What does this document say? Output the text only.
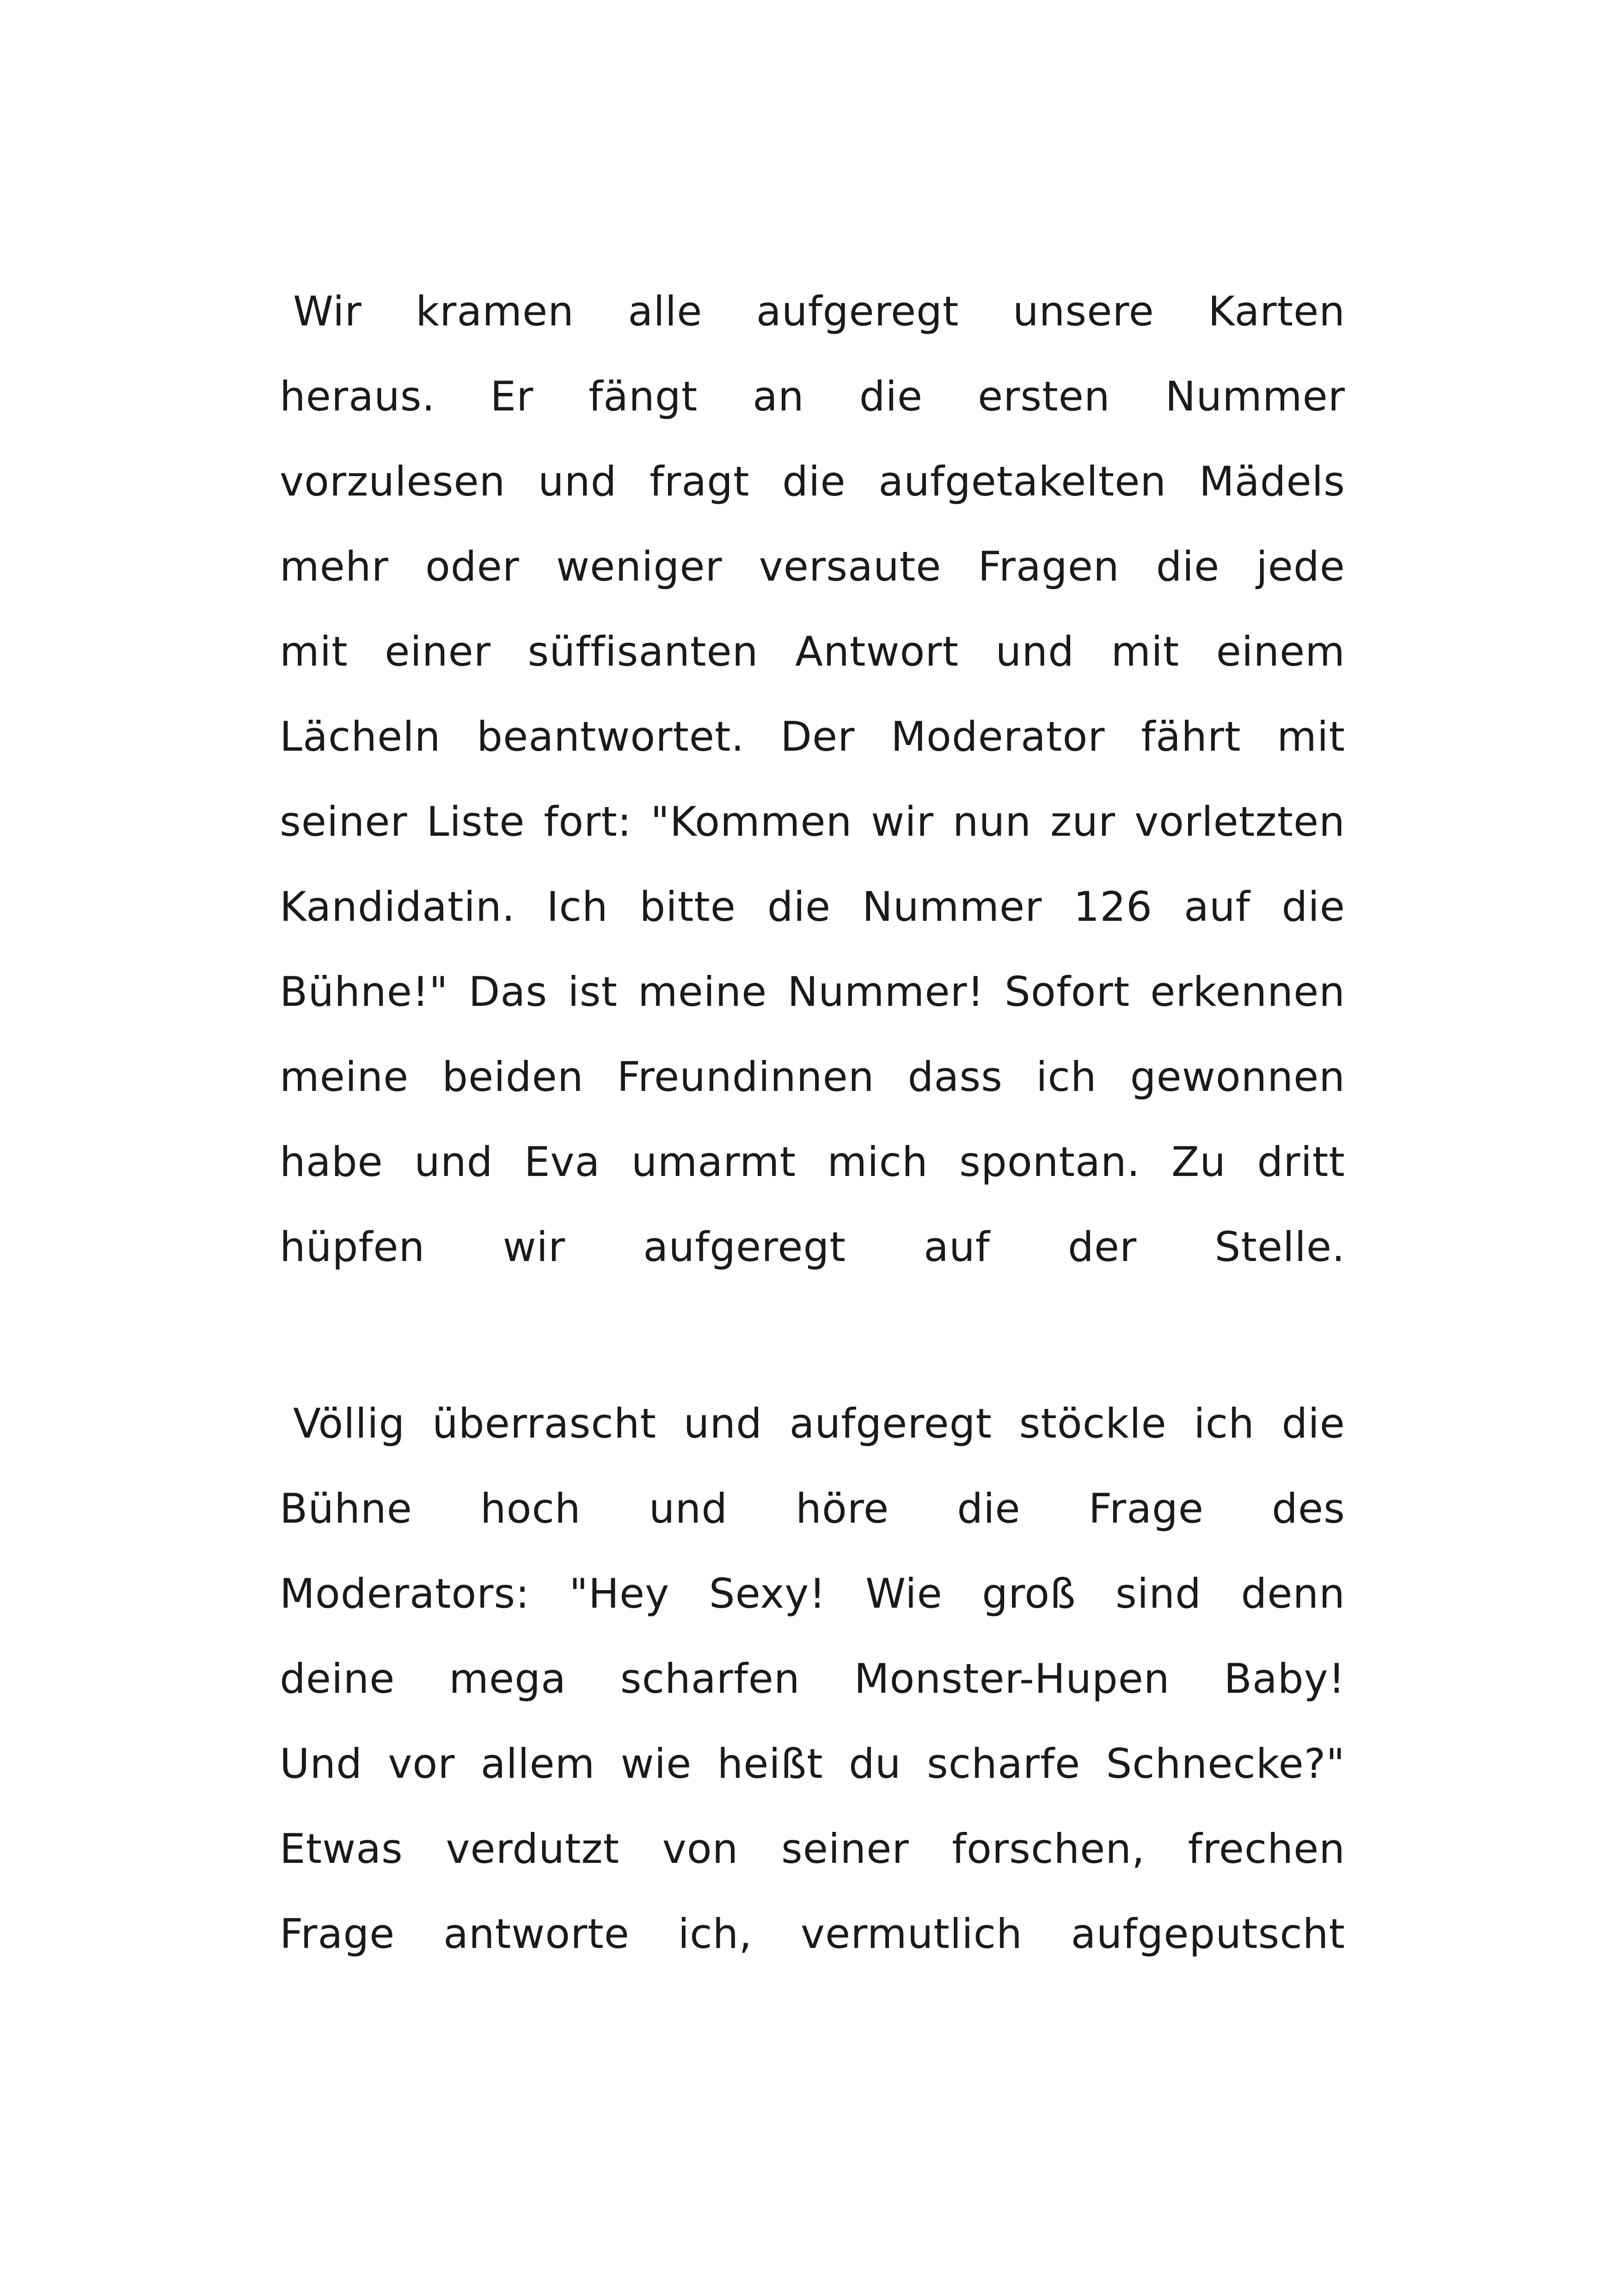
Wir kramen alle aufgeregt unsere Karten
heraus. Er fängt an die ersten Nummer
vorzulesen und fragt die aufgetakelten Mädels
mehr oder weniger versaute Fragen die jede
mit einer süffisanten Antwort und mit einem
Lächeln beantwortet. Der Moderator fährt mit
seiner Liste fort: "Kommen wir nun zur vorletzten
Kandidatin. Ich bitte die Nummer 126 auf die
Bühne!" Das ist meine Nummer! Sofort erkennen
meine beiden Freundinnen dass ich gewonnen
habe und Eva umarmt mich spontan. Zu dritt
hüpfen wir aufgeregt auf der Stelle.
Völlig überrascht und aufgeregt stöckle ich die
Bühne hoch und höre die Frage des
Moderators: "Hey Sexy! Wie groß sind denn
deine mega scharfen Monster-Hupen Baby!
Und vor allem wie heißt du scharfe Schnecke?"
Etwas verdutzt von seiner forschen, frechen
Frage antworte ich, vermutlich aufgeputscht
